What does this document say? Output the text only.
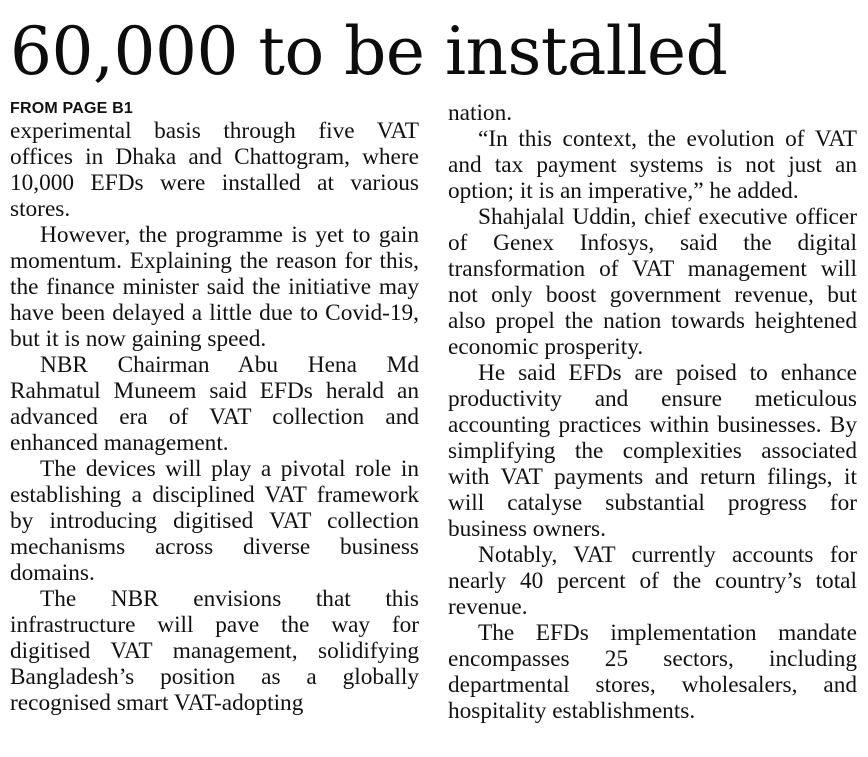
60,000 to be installed
FROM PAGE B1

experimental basis through five VAT offices in Dhaka and Chattogram, where 10,000 EFDs were installed at various stores.

However, the programme is yet to gain momentum. Explaining the reason for this, the finance minister said the initiative may have been delayed a little due to Covid-19, but it is now gaining speed.

NBR Chairman Abu Hena Md Rahmatul Muneem said EFDs herald an advanced era of VAT collection and enhanced management.

The devices will play a pivotal role in establishing a disciplined VAT framework by introducing digitised VAT collection mechanisms across diverse business domains.

The NBR envisions that this infrastructure will pave the way for digitised VAT management, solidifying Bangladesh’s position as a globally recognised smart VAT-adopting

nation.

“In this context, the evolution of VAT and tax payment systems is not just an option; it is an imperative,” he added.

Shahjalal Uddin, chief executive officer of Genex Infosys, said the digital transformation of VAT management will not only boost government revenue, but also propel the nation towards heightened economic prosperity.

He said EFDs are poised to enhance productivity and ensure meticulous accounting practices within businesses. By simplifying the complexities associated with VAT payments and return filings, it will catalyse substantial progress for business owners.

Notably, VAT currently accounts for nearly 40 percent of the country’s total revenue.

The EFDs implementation mandate encompasses 25 sectors, including departmental stores, wholesalers, and hospitality establishments.
